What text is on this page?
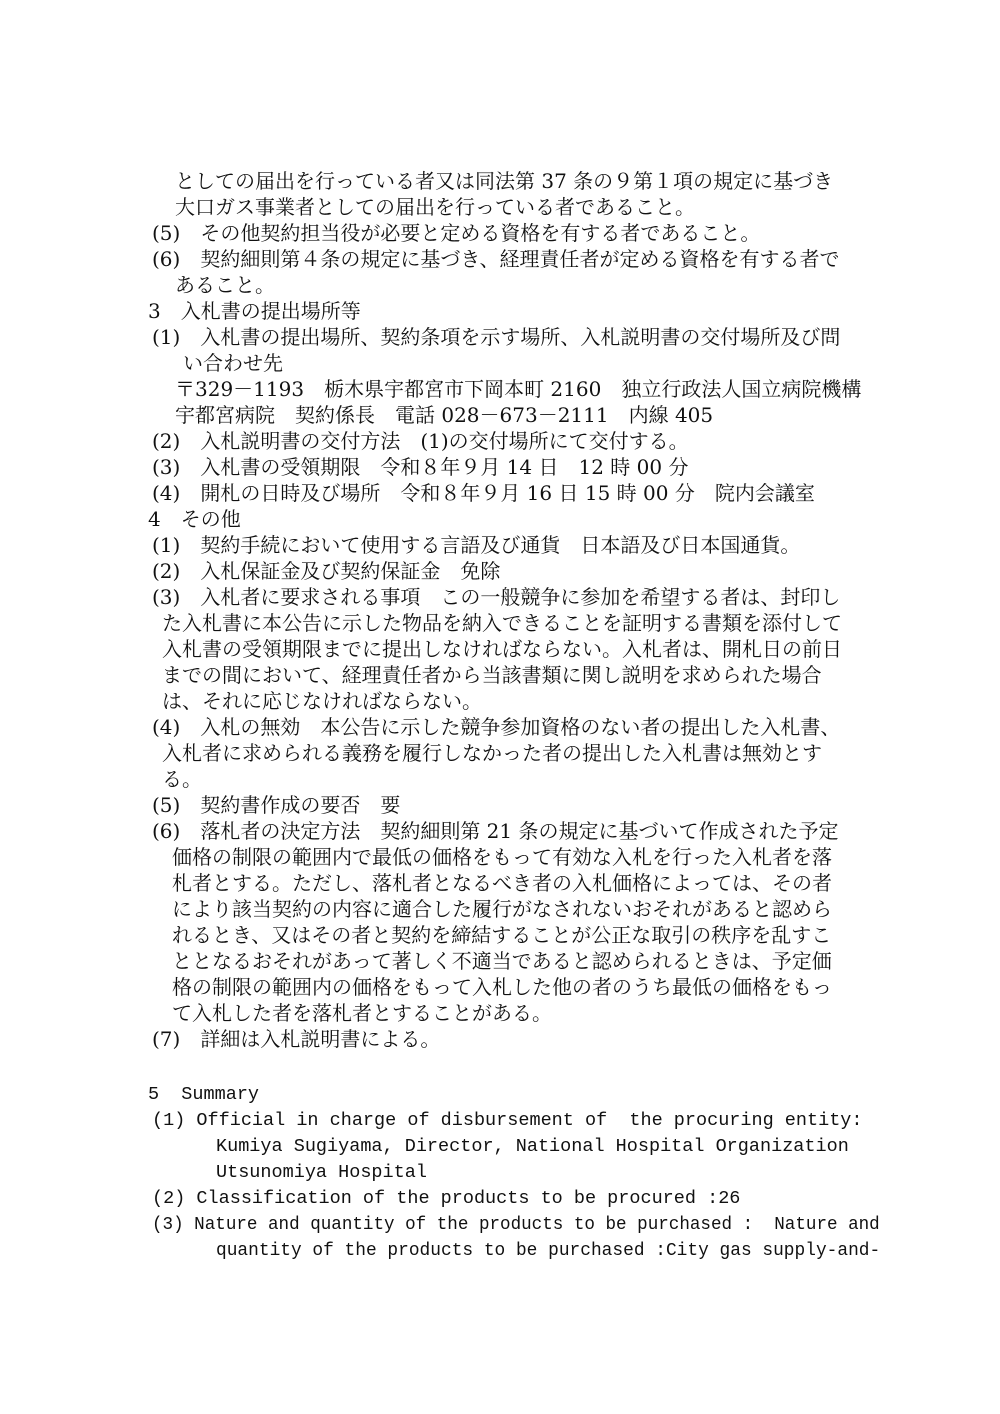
としての届出を行っている者又は同法第 37 条の９第１項の規定に基づき
大口ガス事業者としての届出を行っている者であること。
(5)　その他契約担当役が必要と定める資格を有する者であること。
(6)　契約細則第４条の規定に基づき、経理責任者が定める資格を有する者で
あること。
3　入札書の提出場所等
(1)　入札書の提出場所、契約条項を示す場所、入札説明書の交付場所及び問
い合わせ先
〒329－1193　栃木県宇都宮市下岡本町 2160　独立行政法人国立病院機構
宇都宮病院　契約係長　電話 028－673－2111　内線 405
(2)　入札説明書の交付方法　(1)の交付場所にて交付する。
(3)　入札書の受領期限　令和８年９月 14 日　12 時 00 分
(4)　開札の日時及び場所　令和８年９月 16 日 15 時 00 分　院内会議室
4　その他
(1)　契約手続において使用する言語及び通貨　日本語及び日本国通貨。
(2)　入札保証金及び契約保証金　免除
(3)　入札者に要求される事項　この一般競争に参加を希望する者は、封印し
た入札書に本公告に示した物品を納入できることを証明する書類を添付して
入札書の受領期限までに提出しなければならない。入札者は、開札日の前日
までの間において、経理責任者から当該書類に関し説明を求められた場合
は、それに応じなければならない。
(4)　入札の無効　本公告に示した競争参加資格のない者の提出した入札書、
入札者に求められる義務を履行しなかった者の提出した入札書は無効とす
る。
(5)　契約書作成の要否　要
(6)　落札者の決定方法　契約細則第 21 条の規定に基づいて作成された予定
価格の制限の範囲内で最低の価格をもって有効な入札を行った入札者を落
札者とする。ただし、落札者となるべき者の入札価格によっては、その者
により該当契約の内容に適合した履行がなされないおそれがあると認めら
れるとき、又はその者と契約を締結することが公正な取引の秩序を乱すこ
ととなるおそれがあって著しく不適当であると認められるときは、予定価
格の制限の範囲内の価格をもって入札した他の者のうち最低の価格をもっ
て入札した者を落札者とすることがある。
(7)　詳細は入札説明書による。
5  Summary
(1) Official in charge of disbursement of  the procuring entity:
Kumiya Sugiyama, Director, National Hospital Organization
Utsunomiya Hospital
(2) Classification of the products to be procured :26
(3) Nature and quantity of the products to be purchased :  Nature and
quantity of the products to be purchased :City gas supply-and-
